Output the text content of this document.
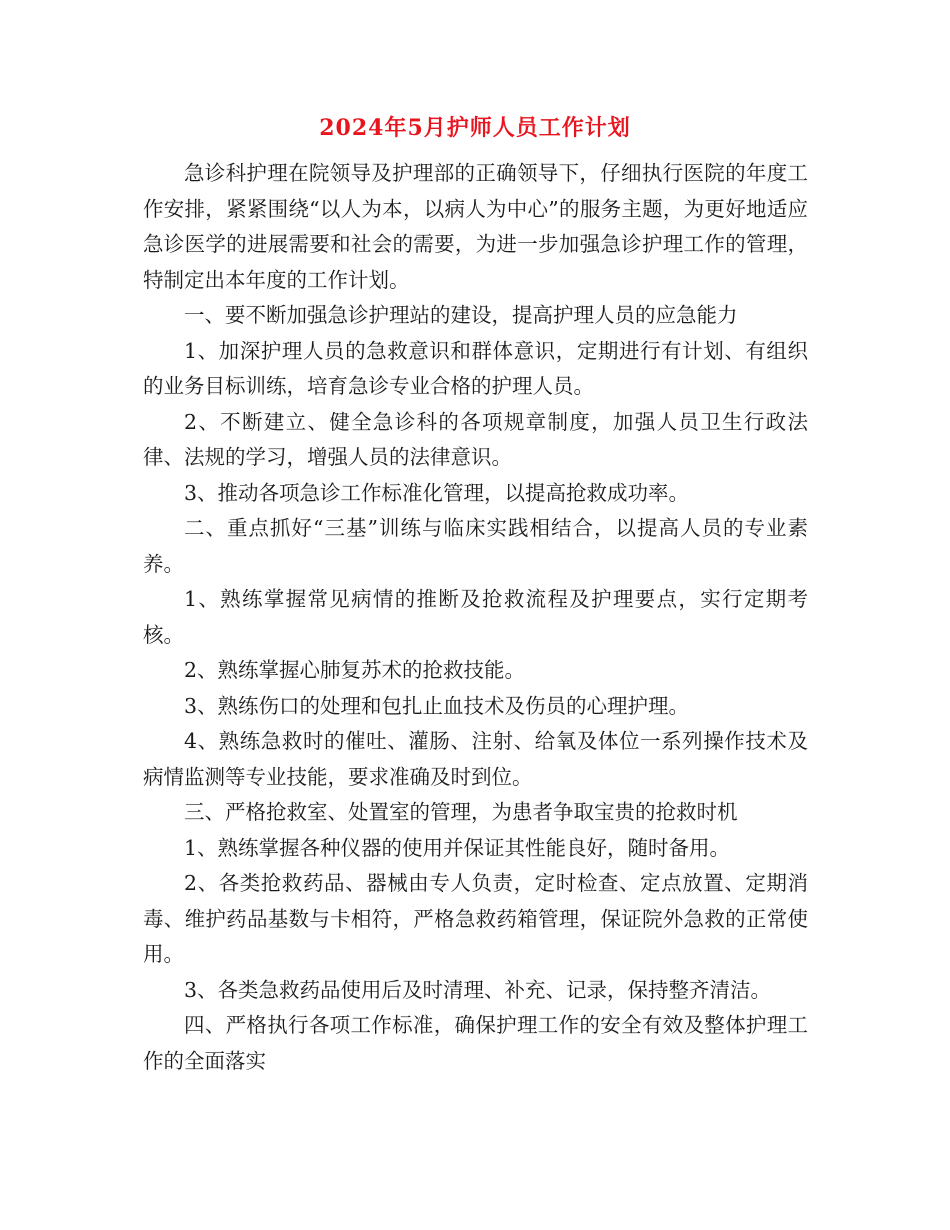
2024年5月护师人员工作计划

急诊科护理在院领导及护理部的正确领导下，仔细执行医院的年度工作安排，紧紧围绕“以人为本，以病人为中心”的服务主题，为更好地适应急诊医学的进展需要和社会的需要，为进一步加强急诊护理工作的管理，特制定出本年度的工作计划。

一、要不断加强急诊护理站的建设，提高护理人员的应急能力

1、加深护理人员的急救意识和群体意识，定期进行有计划、有组织的业务目标训练，培育急诊专业合格的护理人员。

2、不断建立、健全急诊科的各项规章制度，加强人员卫生行政法律、法规的学习，增强人员的法律意识。

3、推动各项急诊工作标准化管理，以提高抢救成功率。

二、重点抓好“三基”训练与临床实践相结合，以提高人员的专业素养。

1、熟练掌握常见病情的推断及抢救流程及护理要点，实行定期考核。

2、熟练掌握心肺复苏术的抢救技能。

3、熟练伤口的处理和包扎止血技术及伤员的心理护理。

4、熟练急救时的催吐、灌肠、注射、给氧及体位一系列操作技术及病情监测等专业技能，要求准确及时到位。

三、严格抢救室、处置室的管理，为患者争取宝贵的抢救时机

1、熟练掌握各种仪器的使用并保证其性能良好，随时备用。

2、各类抢救药品、器械由专人负责，定时检查、定点放置、定期消毒、维护药品基数与卡相符，严格急救药箱管理，保证院外急救的正常使用。

3、各类急救药品使用后及时清理、补充、记录，保持整齐清洁。

四、严格执行各项工作标准，确保护理工作的安全有效及整体护理工作的全面落实
